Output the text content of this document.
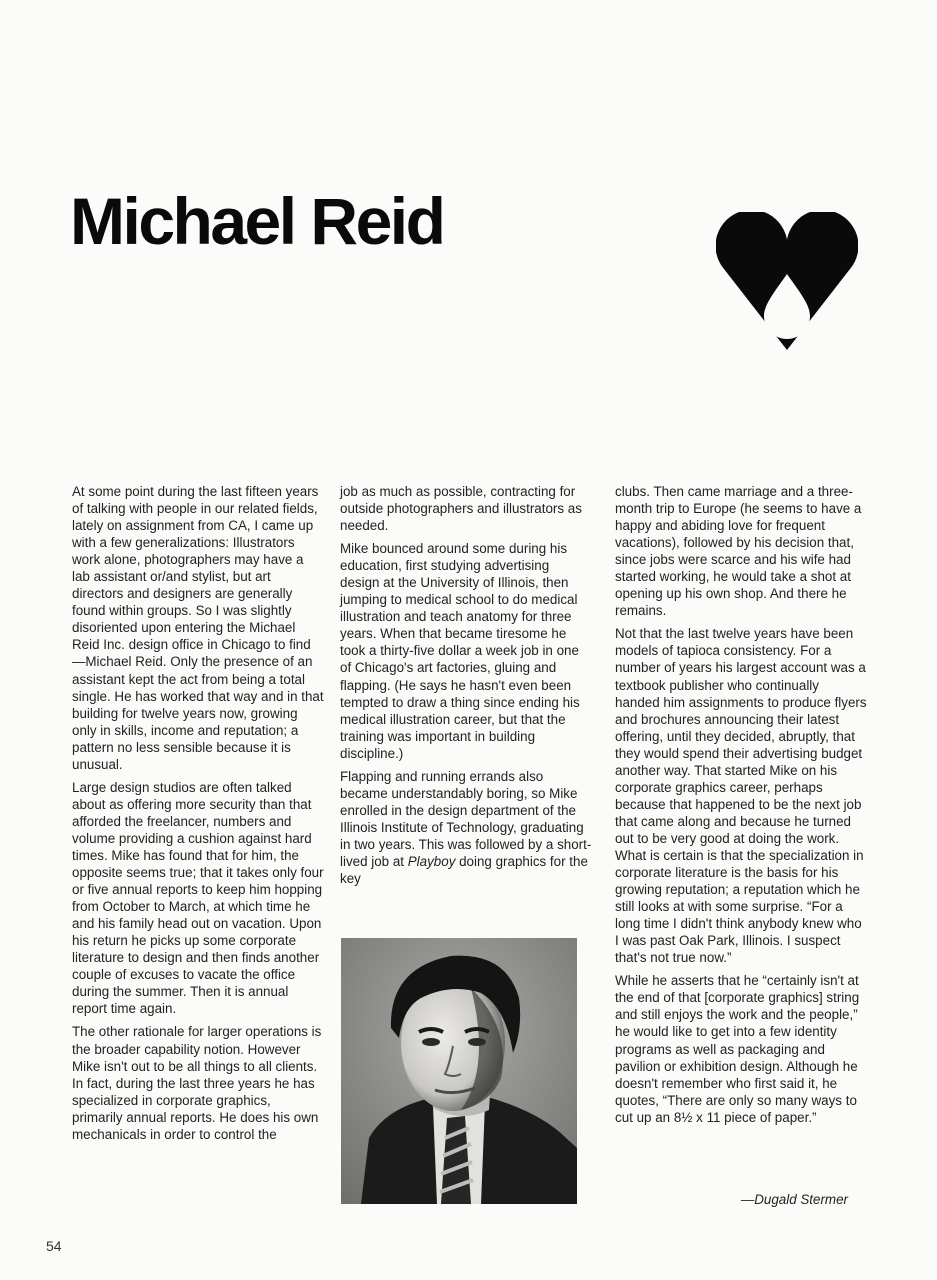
Michael Reid

At some point during the last fifteen years of talking with people in our related fields, lately on assignment from CA, I came up with a few generalizations: Illustrators work alone, photographers may have a lab assistant or/and stylist, but art directors and designers are generally found within groups. So I was slightly disoriented upon entering the Michael Reid Inc. design office in Chicago to find—Michael Reid. Only the presence of an assistant kept the act from being a total single. He has worked that way and in that building for twelve years now, growing only in skills, income and reputation; a pattern no less sensible because it is unusual.

Large design studios are often talked about as offering more security than that afforded the freelancer, numbers and volume providing a cushion against hard times. Mike has found that for him, the opposite seems true; that it takes only four or five annual reports to keep him hopping from October to March, at which time he and his family head out on vacation. Upon his return he picks up some corporate literature to design and then finds another couple of excuses to vacate the office during the summer. Then it is annual report time again.

The other rationale for larger operations is the broader capability notion. However Mike isn't out to be all things to all clients. In fact, during the last three years he has specialized in corporate graphics, primarily annual reports. He does his own mechanicals in order to control the

job as much as possible, contracting for outside photographers and illustrators as needed.

Mike bounced around some during his education, first studying advertising design at the University of Illinois, then jumping to medical school to do medical illustration and teach anatomy for three years. When that became tiresome he took a thirty-five dollar a week job in one of Chicago's art factories, gluing and flapping. (He says he hasn't even been tempted to draw a thing since ending his medical illustration career, but that the training was important in building discipline.)

Flapping and running errands also became understandably boring, so Mike enrolled in the design department of the Illinois Institute of Technology, graduating in two years. This was followed by a short-lived job at Playboy doing graphics for the key

clubs. Then came marriage and a three-month trip to Europe (he seems to have a happy and abiding love for frequent vacations), followed by his decision that, since jobs were scarce and his wife had started working, he would take a shot at opening up his own shop. And there he remains.

Not that the last twelve years have been models of tapioca consistency. For a number of years his largest account was a textbook publisher who continually handed him assignments to produce flyers and brochures announcing their latest offering, until they decided, abruptly, that they would spend their advertising budget another way. That started Mike on his corporate graphics career, perhaps because that happened to be the next job that came along and because he turned out to be very good at doing the work. What is certain is that the specialization in corporate literature is the basis for his growing reputation; a reputation which he still looks at with some surprise. “For a long time I didn't think anybody knew who I was past Oak Park, Illinois. I suspect that's not true now.”

While he asserts that he “certainly isn't at the end of that [corporate graphics] string and still enjoys the work and the people,” he would like to get into a few identity programs as well as packaging and pavilion or exhibition design. Although he doesn't remember who first said it, he quotes, “There are only so many ways to cut up an 8½ x 11 piece of paper.”

—Dugald Stermer
54
